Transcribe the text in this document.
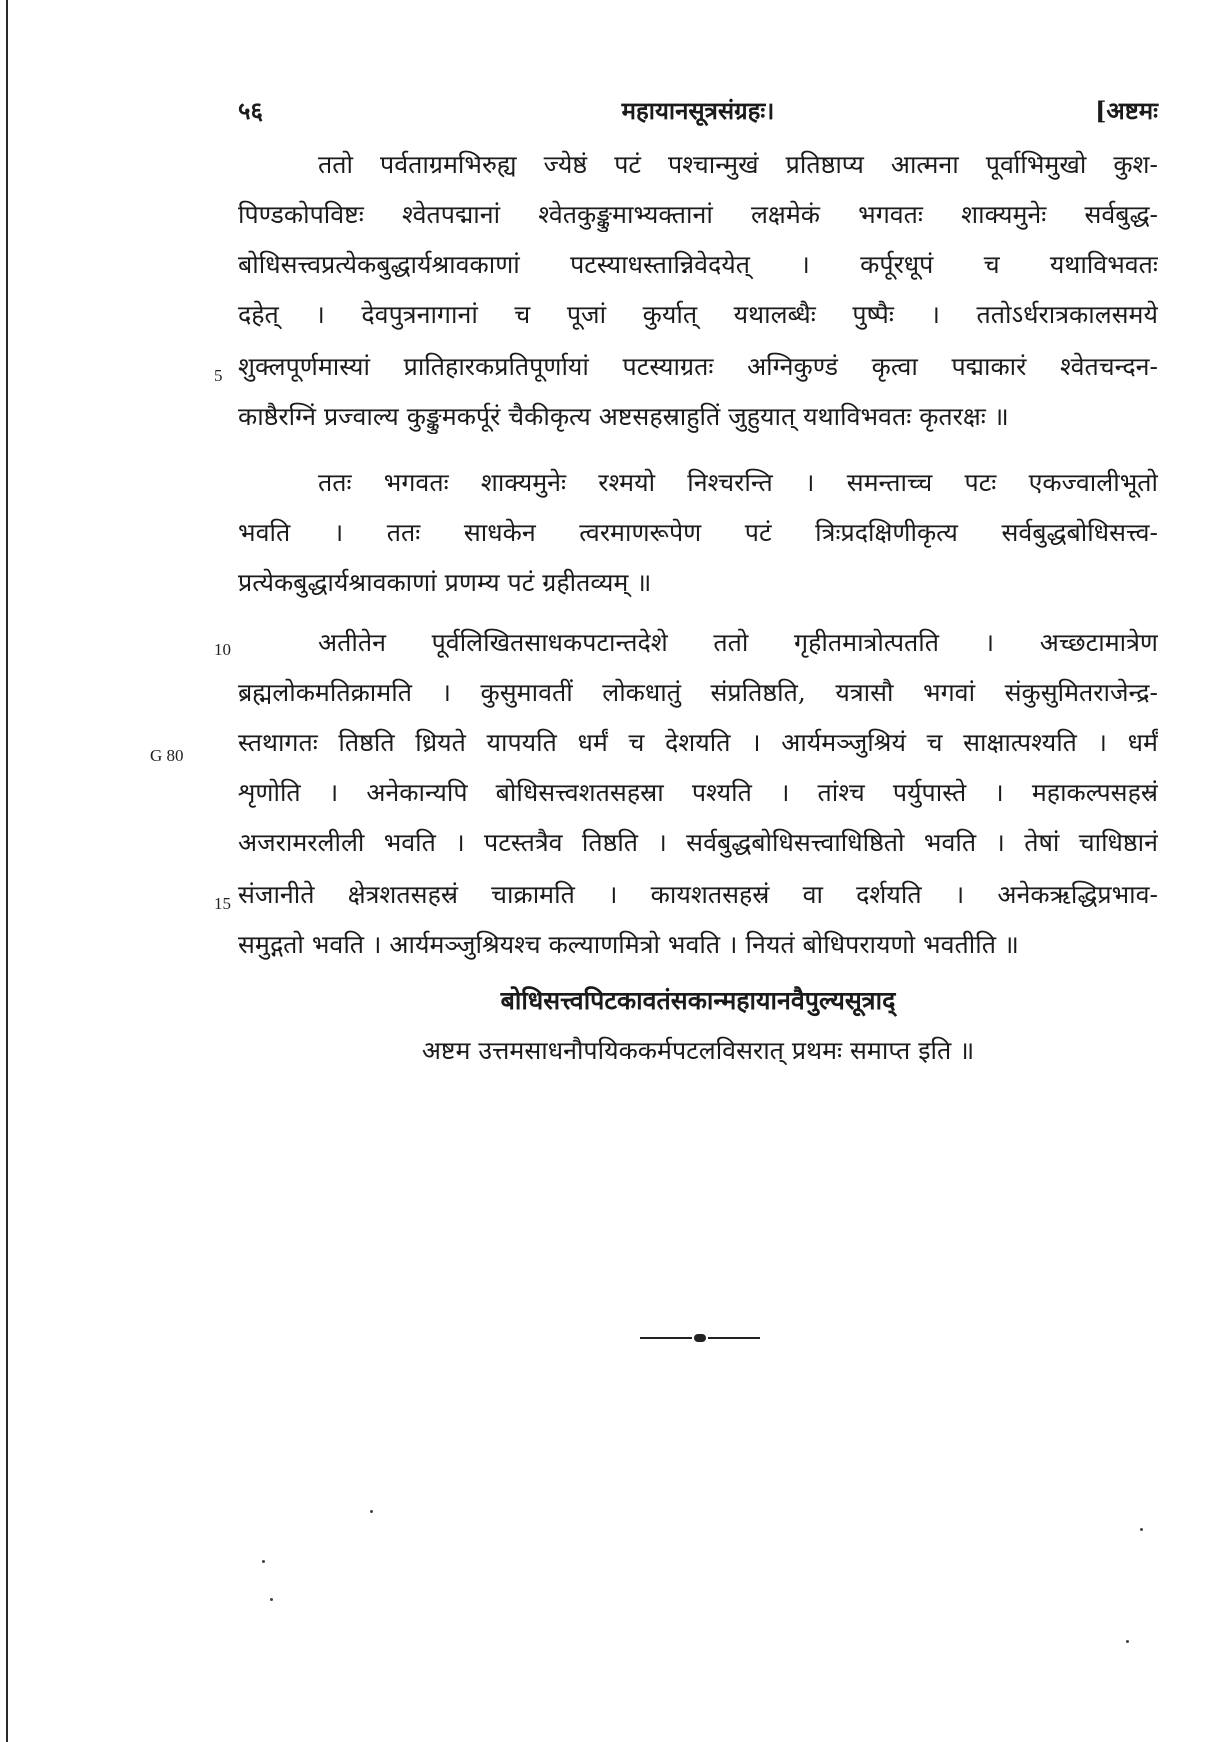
५६	महायानसूत्रसंग्रहः।	[अष्टमः
ततो पर्वताग्रमभिरुह्य ज्येष्ठं पटं पश्चान्मुखं प्रतिष्ठाप्य आत्मना पूर्वाभिमुखो कुश-
पिण्डकोपविष्टः श्वेतपद्मानां श्वेतकुङ्कुमाभ्यक्तानां लक्षमेकं भगवतः शाक्यमुनेः सर्वबुद्ध-
बोधिसत्त्वप्रत्येकबुद्धार्यश्रावकाणां पटस्याधस्तान्निवेदयेत् । कर्पूरधूपं च यथाविभवतः
दहेत् । देवपुत्रनागानां च पूजां कुर्यात् यथालब्धैः पुष्पैः । ततोऽर्धरात्रकालसमये
5 शुक्लपूर्णमास्यां प्रातिहारकप्रतिपूर्णायां पटस्याग्रतः अग्निकुण्डं कृत्वा पद्माकारं श्वेतचन्दन-
काष्ठैरग्निं प्रज्वाल्य कुङ्कुमकर्पूरं चैकीकृत्य अष्टसहस्राहुतिं जुहुयात् यथाविभवतः कृतरक्षः ॥
ततः भगवतः शाक्यमुनेः रश्मयो निश्चरन्ति । समन्ताच्च पटः एकज्वालीभूतो
भवति । ततः साधकेन त्वरमाणरूपेण पटं त्रिःप्रदक्षिणीकृत्य सर्वबुद्धबोधिसत्त्व-
प्रत्येकबुद्धार्यश्रावकाणां प्रणम्य पटं ग्रहीतव्यम् ॥
10	अतीतेन पूर्वलिखितसाधकपटान्तदेशे ततो गृहीतमात्रोत्पतति । अच्छटामात्रेण
ब्रह्मलोकमतिक्रामति । कुसुमावतीं लोकधातुं संप्रतिष्ठति, यत्रासौ भगवां संकुसुमितराजेन्द्र-
G 80 स्तथागतः तिष्ठति ध्रियते यापयति धर्मं च देशयति । आर्यमञ्जुश्रियं च साक्षात्पश्यति । धर्मं
शृणोति । अनेकान्यपि बोधिसत्त्वशतसहस्रा पश्यति । तांश्च पर्युपास्ते । महाकल्पसहस्रं
अजरामरलीली भवति । पटस्तत्रैव तिष्ठति । सर्वबुद्धबोधिसत्त्वाधिष्ठितो भवति । तेषां चाधिष्ठानं
15 संजानीते क्षेत्रशतसहस्रं चाक्रामति । कायशतसहस्रं वा दर्शयति । अनेकऋद्धिप्रभाव-
समुद्गतो भवति । आर्यमञ्जुश्रियश्च कल्याणमित्रो भवति । नियतं बोधिपरायणो भवतीति ॥
बोधिसत्त्वपिटकावतंसकान्महायानवैपुल्यसूत्राद्
अष्टम उत्तमसाधनौपयिककर्मपटलविसरात् प्रथमः समाप्त इति ॥
